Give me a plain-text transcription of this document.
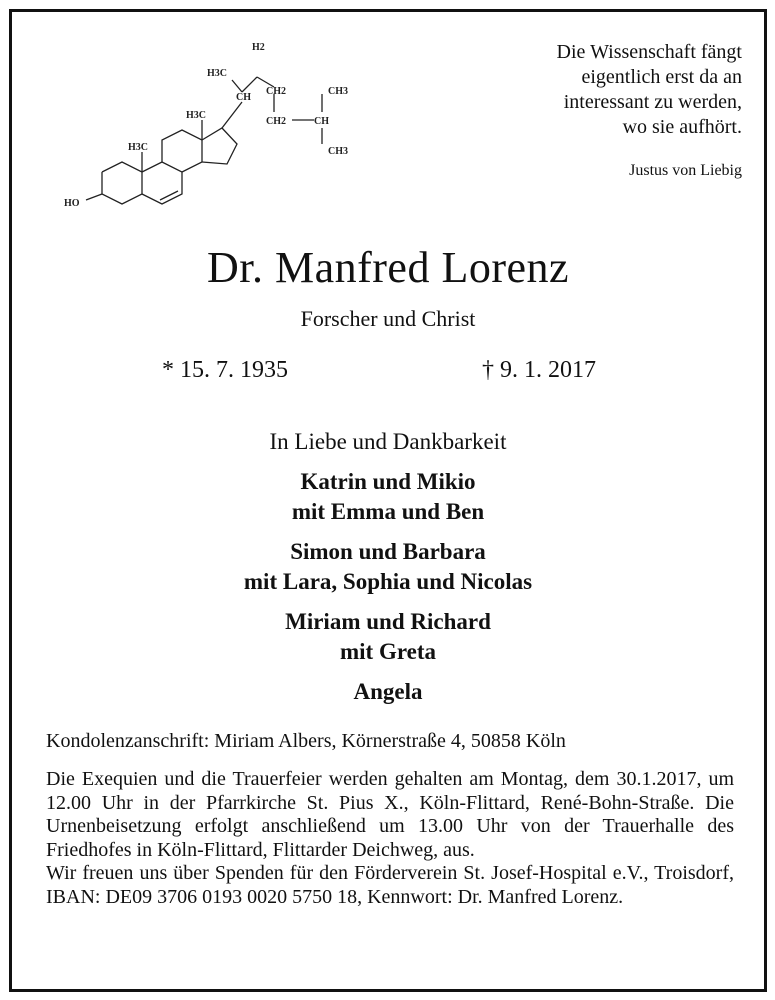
H2
H3C
CH
CH2	CH3
CH2	CH
CH3
H3C
H3C
HO
Die Wissenschaft fängt
eigentlich erst da an
interessant zu werden,
wo sie aufhört.
Justus von Liebig
Dr. Manfred Lorenz
Forscher und Christ
* 15. 7. 1935	† 9. 1. 2017
In Liebe und Dankbarkeit
Katrin und Mikio
mit Emma und Ben
Simon und Barbara
mit Lara, Sophia und Nicolas
Miriam und Richard
mit Greta
Angela
Kondolenzanschrift: Miriam Albers, Körnerstraße 4, 50858 Köln

Die Exequien und die Trauerfeier werden gehalten am Montag, dem 30.1.2017, um 12.00 Uhr in der Pfarrkirche St. Pius X., Köln-Flittard, René-Bohn-Straße. Die Urnenbeisetzung erfolgt anschließend um 13.00 Uhr von der Trauerhalle des Friedhofes in Köln-Flittard, Flittarder Deichweg, aus.

Wir freuen uns über Spenden für den Förderverein St. Josef-Hospital e.V., Troisdorf, IBAN: DE09 3706 0193 0020 5750 18, Kennwort: Dr. Manfred Lorenz.
